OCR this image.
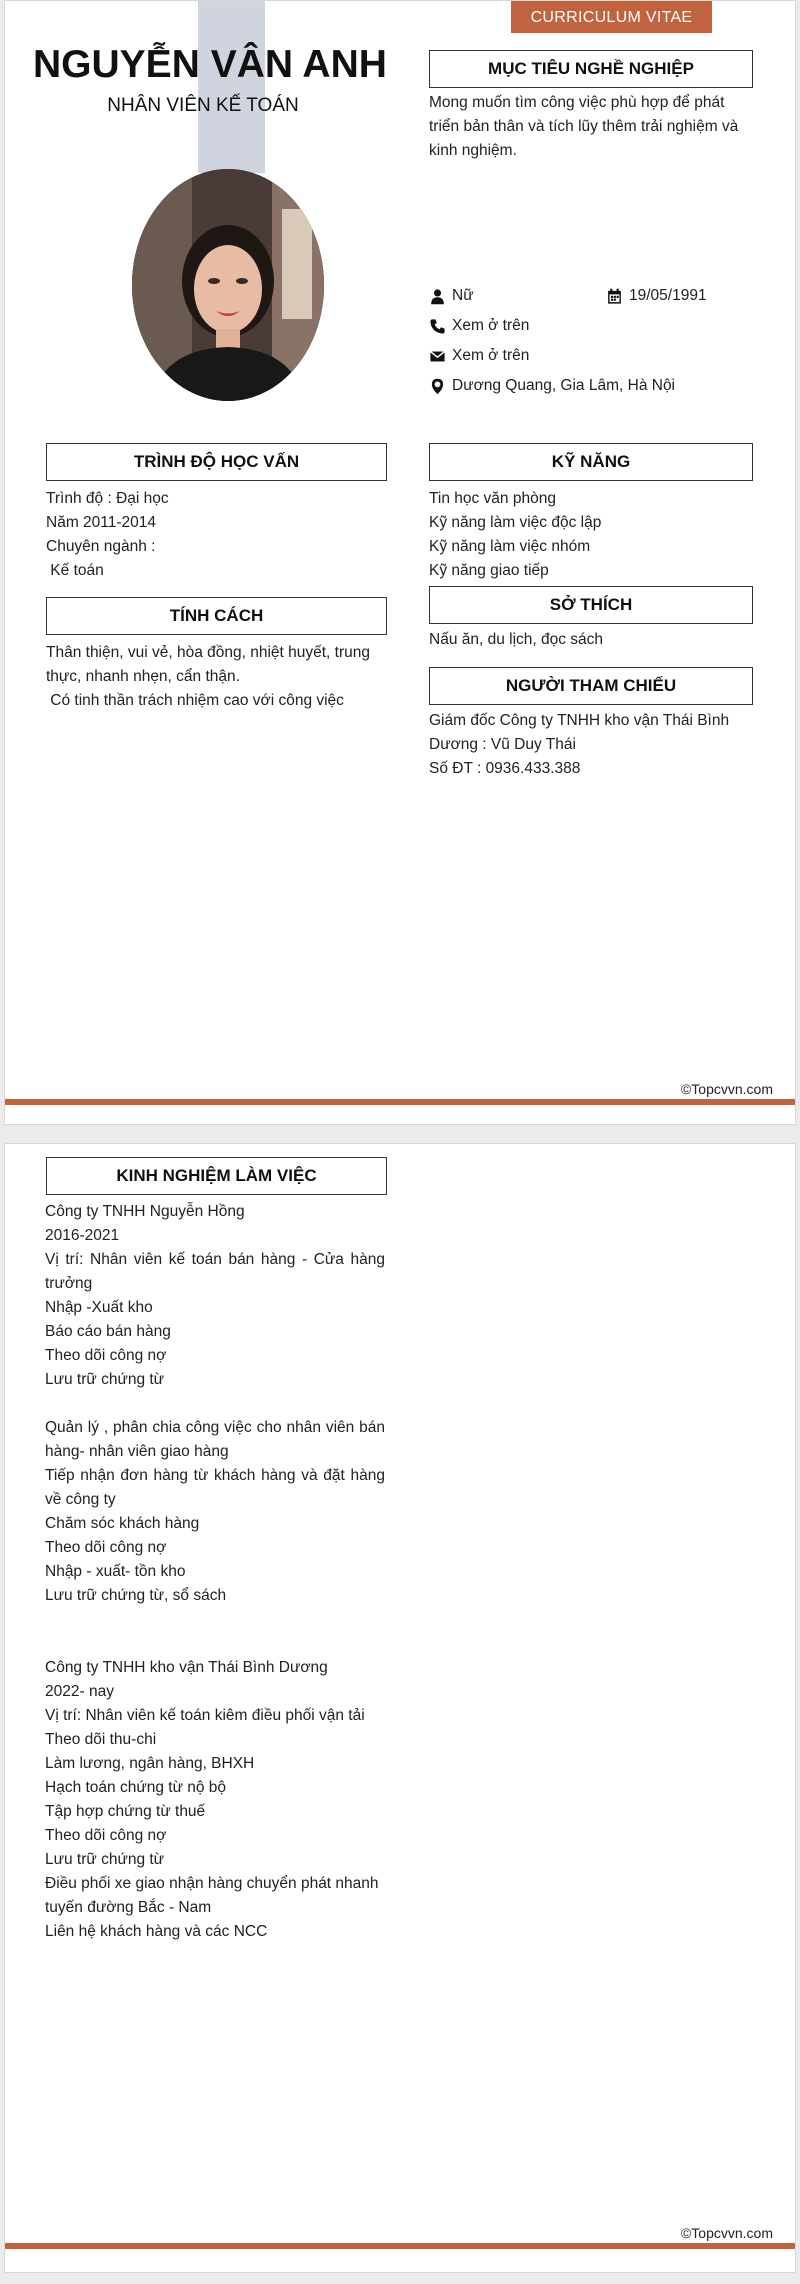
CURRICULUM VITAE
NGUYỄN VÂN ANH
NHÂN VIÊN KẾ TOÁN
MỤC TIÊU NGHỀ NGHIỆP
Mong muốn tìm công việc phù hợp để phát triển bản thân và tích lũy thêm trải nghiệm và kinh nghiệm.
Nữ	19/05/1991
Xem ở trên
Xem ở trên
Dương Quang, Gia Lâm, Hà Nội
TRÌNH ĐỘ HỌC VẤN
Trình độ : Đại học
Năm 2011-2014
Chuyên ngành :
Kế toán
TÍNH CÁCH
Thân thiện, vui vẻ, hòa đồng, nhiệt huyết, trung thực, nhanh nhẹn, cẩn thận.
Có tinh thần trách nhiệm cao với công việc
KỸ NĂNG
Tin học văn phòng
Kỹ năng làm việc độc lập
Kỹ năng làm việc nhóm
Kỹ năng giao tiếp
SỞ THÍCH
Nấu ăn, du lịch, đọc sách
NGƯỜI THAM CHIẾU
Giám đốc Công ty TNHH kho vận Thái Bình Dương : Vũ Duy Thái
Số ĐT : 0936.433.388
©Topcvvn.com
KINH NGHIỆM LÀM VIỆC
Công ty TNHH Nguyễn Hồng
2016-2021
Vị trí: Nhân viên kế toán bán hàng - Cửa hàng trưởng
Nhập -Xuất kho
Báo cáo bán hàng
Theo dõi công nợ
Lưu trữ chứng từ
Quản lý , phân chia công việc cho nhân viên bán hàng- nhân viên giao hàng
Tiếp nhận đơn hàng từ khách hàng và đặt hàng về công ty
Chăm sóc khách hàng
Theo dõi công nợ
Nhập - xuất- tồn kho
Lưu trữ chứng từ, sổ sách
Công ty TNHH kho vận Thái Bình Dương
2022- nay
Vị trí: Nhân viên kế toán kiêm điều phối vận tải
Theo dõi thu-chi
Làm lương, ngân hàng, BHXH
Hạch toán chứng từ nộ bộ
Tập hợp chứng từ thuế
Theo dõi công nợ
Lưu trữ chứng từ
Điều phối xe giao nhận hàng chuyển phát nhanh tuyến đường Bắc - Nam
Liên hệ khách hàng và các NCC
©Topcvvn.com
